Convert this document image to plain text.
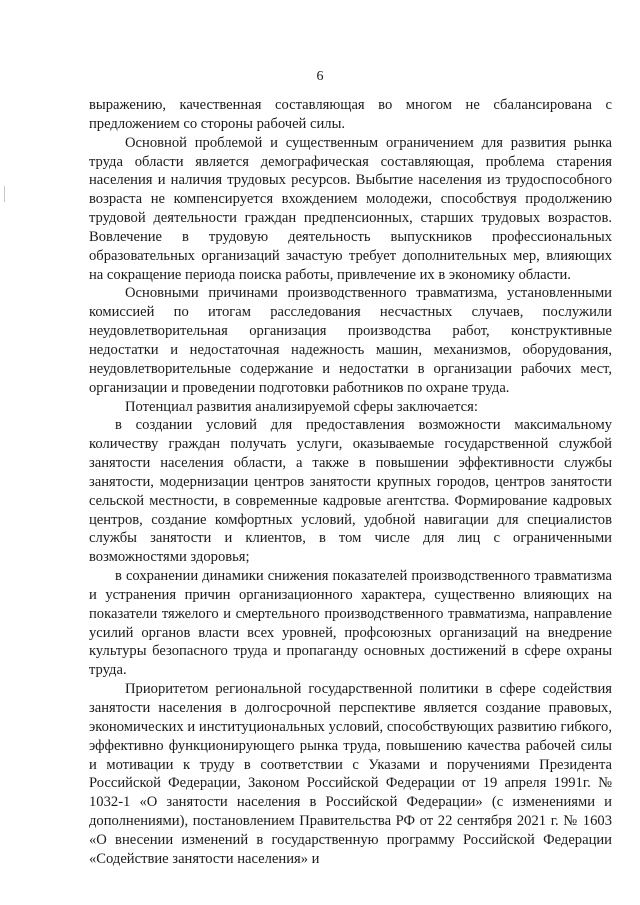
6

выражению, качественная составляющая во многом не сбалансирована с предложением со стороны рабочей силы.

Основной проблемой и существенным ограничением для развития рынка труда области является демографическая составляющая, проблема старения населения и наличия трудовых ресурсов. Выбытие населения из трудоспособного возраста не компенсируется вхождением молодежи, способствуя продолжению трудовой деятельности граждан предпенсионных, старших трудовых возрастов. Вовлечение в трудовую деятельность выпускников профессиональных образовательных организаций зачастую требует дополнительных мер, влияющих на сокращение периода поиска работы, привлечение их в экономику области.

Основными причинами производственного травматизма, установленными комиссией по итогам расследования несчастных случаев, послужили неудовлетворительная организация производства работ, конструктивные недостатки и недостаточная надежность машин, механизмов, оборудования, неудовлетворительные содержание и недостатки в организации рабочих мест, организации и проведении подготовки работников по охране труда.

Потенциал развития анализируемой сферы заключается:

в создании условий для предоставления возможности максимальному количеству граждан получать услуги, оказываемые государственной службой занятости населения области, а также в повышении эффективности службы занятости, модернизации центров занятости крупных городов, центров занятости сельской местности, в современные кадровые агентства. Формирование кадровых центров, создание комфортных условий, удобной навигации для специалистов службы занятости и клиентов, в том числе для лиц с ограниченными возможностями здоровья;

в сохранении динамики снижения показателей производственного травматизма и устранения причин организационного характера, существенно влияющих на показатели тяжелого и смертельного производственного травматизма, направление усилий органов власти всех уровней, профсоюзных организаций на внедрение культуры безопасного труда и пропаганду основных достижений в сфере охраны труда.

Приоритетом региональной государственной политики в сфере содействия занятости населения в долгосрочной перспективе является создание правовых, экономических и институциональных условий, способствующих развитию гибкого, эффективно функционирующего рынка труда, повышению качества рабочей силы и мотивации к труду в соответствии с Указами и поручениями Президента Российской Федерации, Законом Российской Федерации от 19 апреля 1991г. № 1032-1 «О занятости населения в Российской Федерации» (с изменениями и дополнениями), постановлением Правительства РФ от 22 сентября 2021 г. № 1603 «О внесении изменений в государственную программу Российской Федерации «Содействие занятости населения» и
